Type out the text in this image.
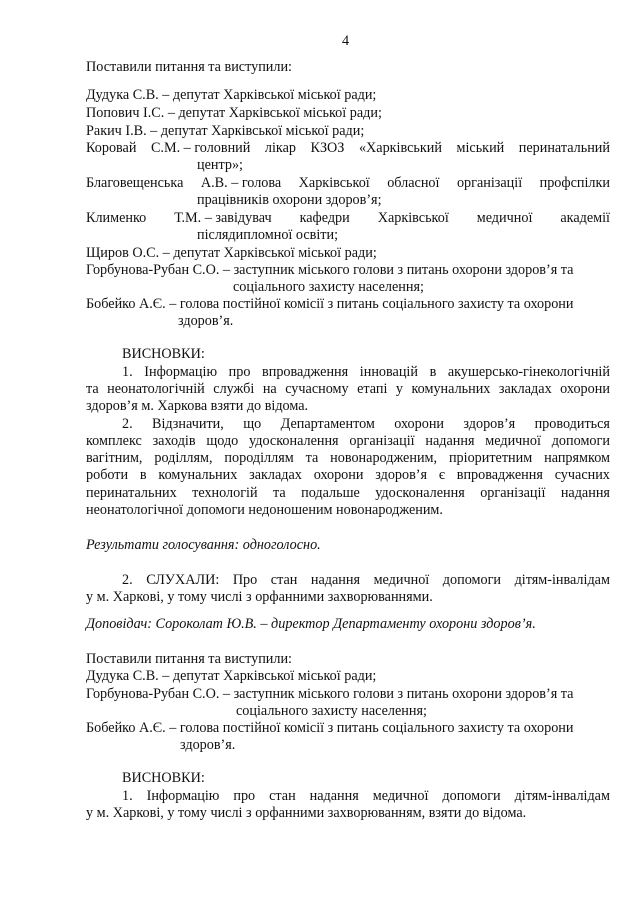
4
Поставили питання та виступили:
Дудука С.В. – депутат Харківської міської ради;
Попович І.С. – депутат Харківської міської ради;
Ракич І.В. – депутат Харківської міської ради;
Коровай С.М. – головний лікар КЗОЗ «Харківський міський перинатальний
центр»;
Благовещенська А.В. – голова Харківської обласної організації профспілки
працівників охорони здоров’я;
Клименко Т.М. – завідувач кафедри Харківської медичної академії
післядипломної освіти;
Щиров О.С. – депутат Харківської міської ради;
Горбунова-Рубан С.О. – заступник міського голови з питань охорони здоров’я та
соціального захисту населення;
Бобейко А.Є. – голова постійної комісії з питань соціального захисту та охорони
здоров’я.
ВИСНОВКИ:
1. Інформацію про впровадження інновацій в акушерсько-гінекологічній
та неонатологічній службі на сучасному етапі у комунальних закладах охорони
здоров’я м. Харкова взяти до відома.
2. Відзначити, що Департаментом охорони здоров’я проводиться
комплекс заходів щодо удосконалення організації надання медичної допомоги
вагітним, роділлям, породіллям та новонародженим, пріоритетним напрямком
роботи в комунальних закладах охорони здоров’я є впровадження сучасних
перинатальних технологій та подальше удосконалення організації надання
неонатологічної допомоги недоношеним новонародженим.
Результати голосування: одноголосно.
2. СЛУХАЛИ: Про стан надання медичної допомоги дітям-інвалідам
у м. Харкові, у тому числі з орфанними захворюваннями.
Доповідач: Сороколат Ю.В. – директор Департаменту охорони здоров’я.
Поставили питання та виступили:
Дудука С.В. – депутат Харківської міської ради;
Горбунова-Рубан С.О. – заступник міського голови з питань охорони здоров’я та
соціального захисту населення;
Бобейко А.Є. – голова постійної комісії з питань соціального захисту та охорони
здоров’я.
ВИСНОВКИ:
1. Інформацію про стан надання медичної допомоги дітям-інвалідам
у м. Харкові, у тому числі з орфанними захворюванням, взяти до відома.
